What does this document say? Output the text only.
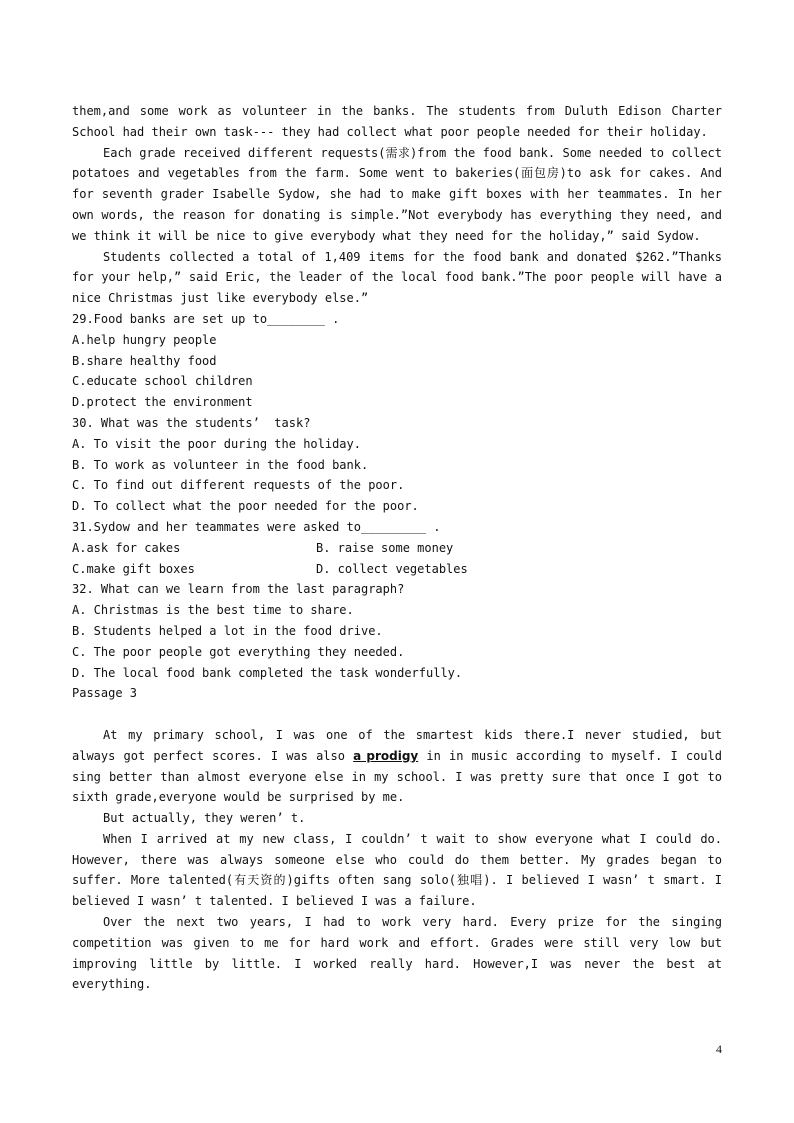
them,and some work as volunteer in the banks. The students from Duluth Edison Charter School had their own task--- they had collect what poor people needed for their holiday.
Each grade received different requests(需求)from the food bank. Some needed to collect potatoes and vegetables from the farm. Some went to bakeries(面包房)to ask for cakes. And for seventh grader Isabelle Sydow, she had to make gift boxes with her teammates. In her own words, the reason for donating is simple.”Not everybody has everything they need, and we think it will be nice to give everybody what they need for the holiday,” said Sydow.
Students collected a total of 1,409 items for the food bank and donated $262.”Thanks for your help,” said Eric, the leader of the local food bank.”The poor people will have a nice Christmas just like everybody else.”
29.Food banks are set up to________ .
A.help hungry people
B.share healthy food
C.educate school children
D.protect the environment
30. What was the students’  task?
A. To visit the poor during the holiday.
B. To work as volunteer in the food bank.
C. To find out different requests of the poor.
D. To collect what the poor needed for the poor.
31.Sydow and her teammates were asked to_________ .
A.ask for cakes	B. raise some money
C.make gift boxes	D. collect vegetables
32. What can we learn from the last paragraph?
A. Christmas is the best time to share.
B. Students helped a lot in the food drive.
C. The poor people got everything they needed.
D. The local food bank completed the task wonderfully.
Passage 3
At my primary school, I was one of the smartest kids there.I never studied, but always got perfect scores. I was also a prodigy in in music according to myself. I could sing better than almost everyone else in my school. I was pretty sure that once I got to sixth grade,everyone would be surprised by me.
But actually, they weren’ t.
When I arrived at my new class, I couldn’ t wait to show everyone what I could do. However, there was always someone else who could do them better. My grades began to suffer. More talented(有天资的)gifts often sang solo(独唱). I believed I wasn’ t smart. I believed I wasn’ t talented. I believed I was a failure.
Over the next two years, I had to work very hard. Every prize for the singing competition was given to me for hard work and effort. Grades were still very low but improving little by little. I worked really hard. However,I was never the best at everything.
4
